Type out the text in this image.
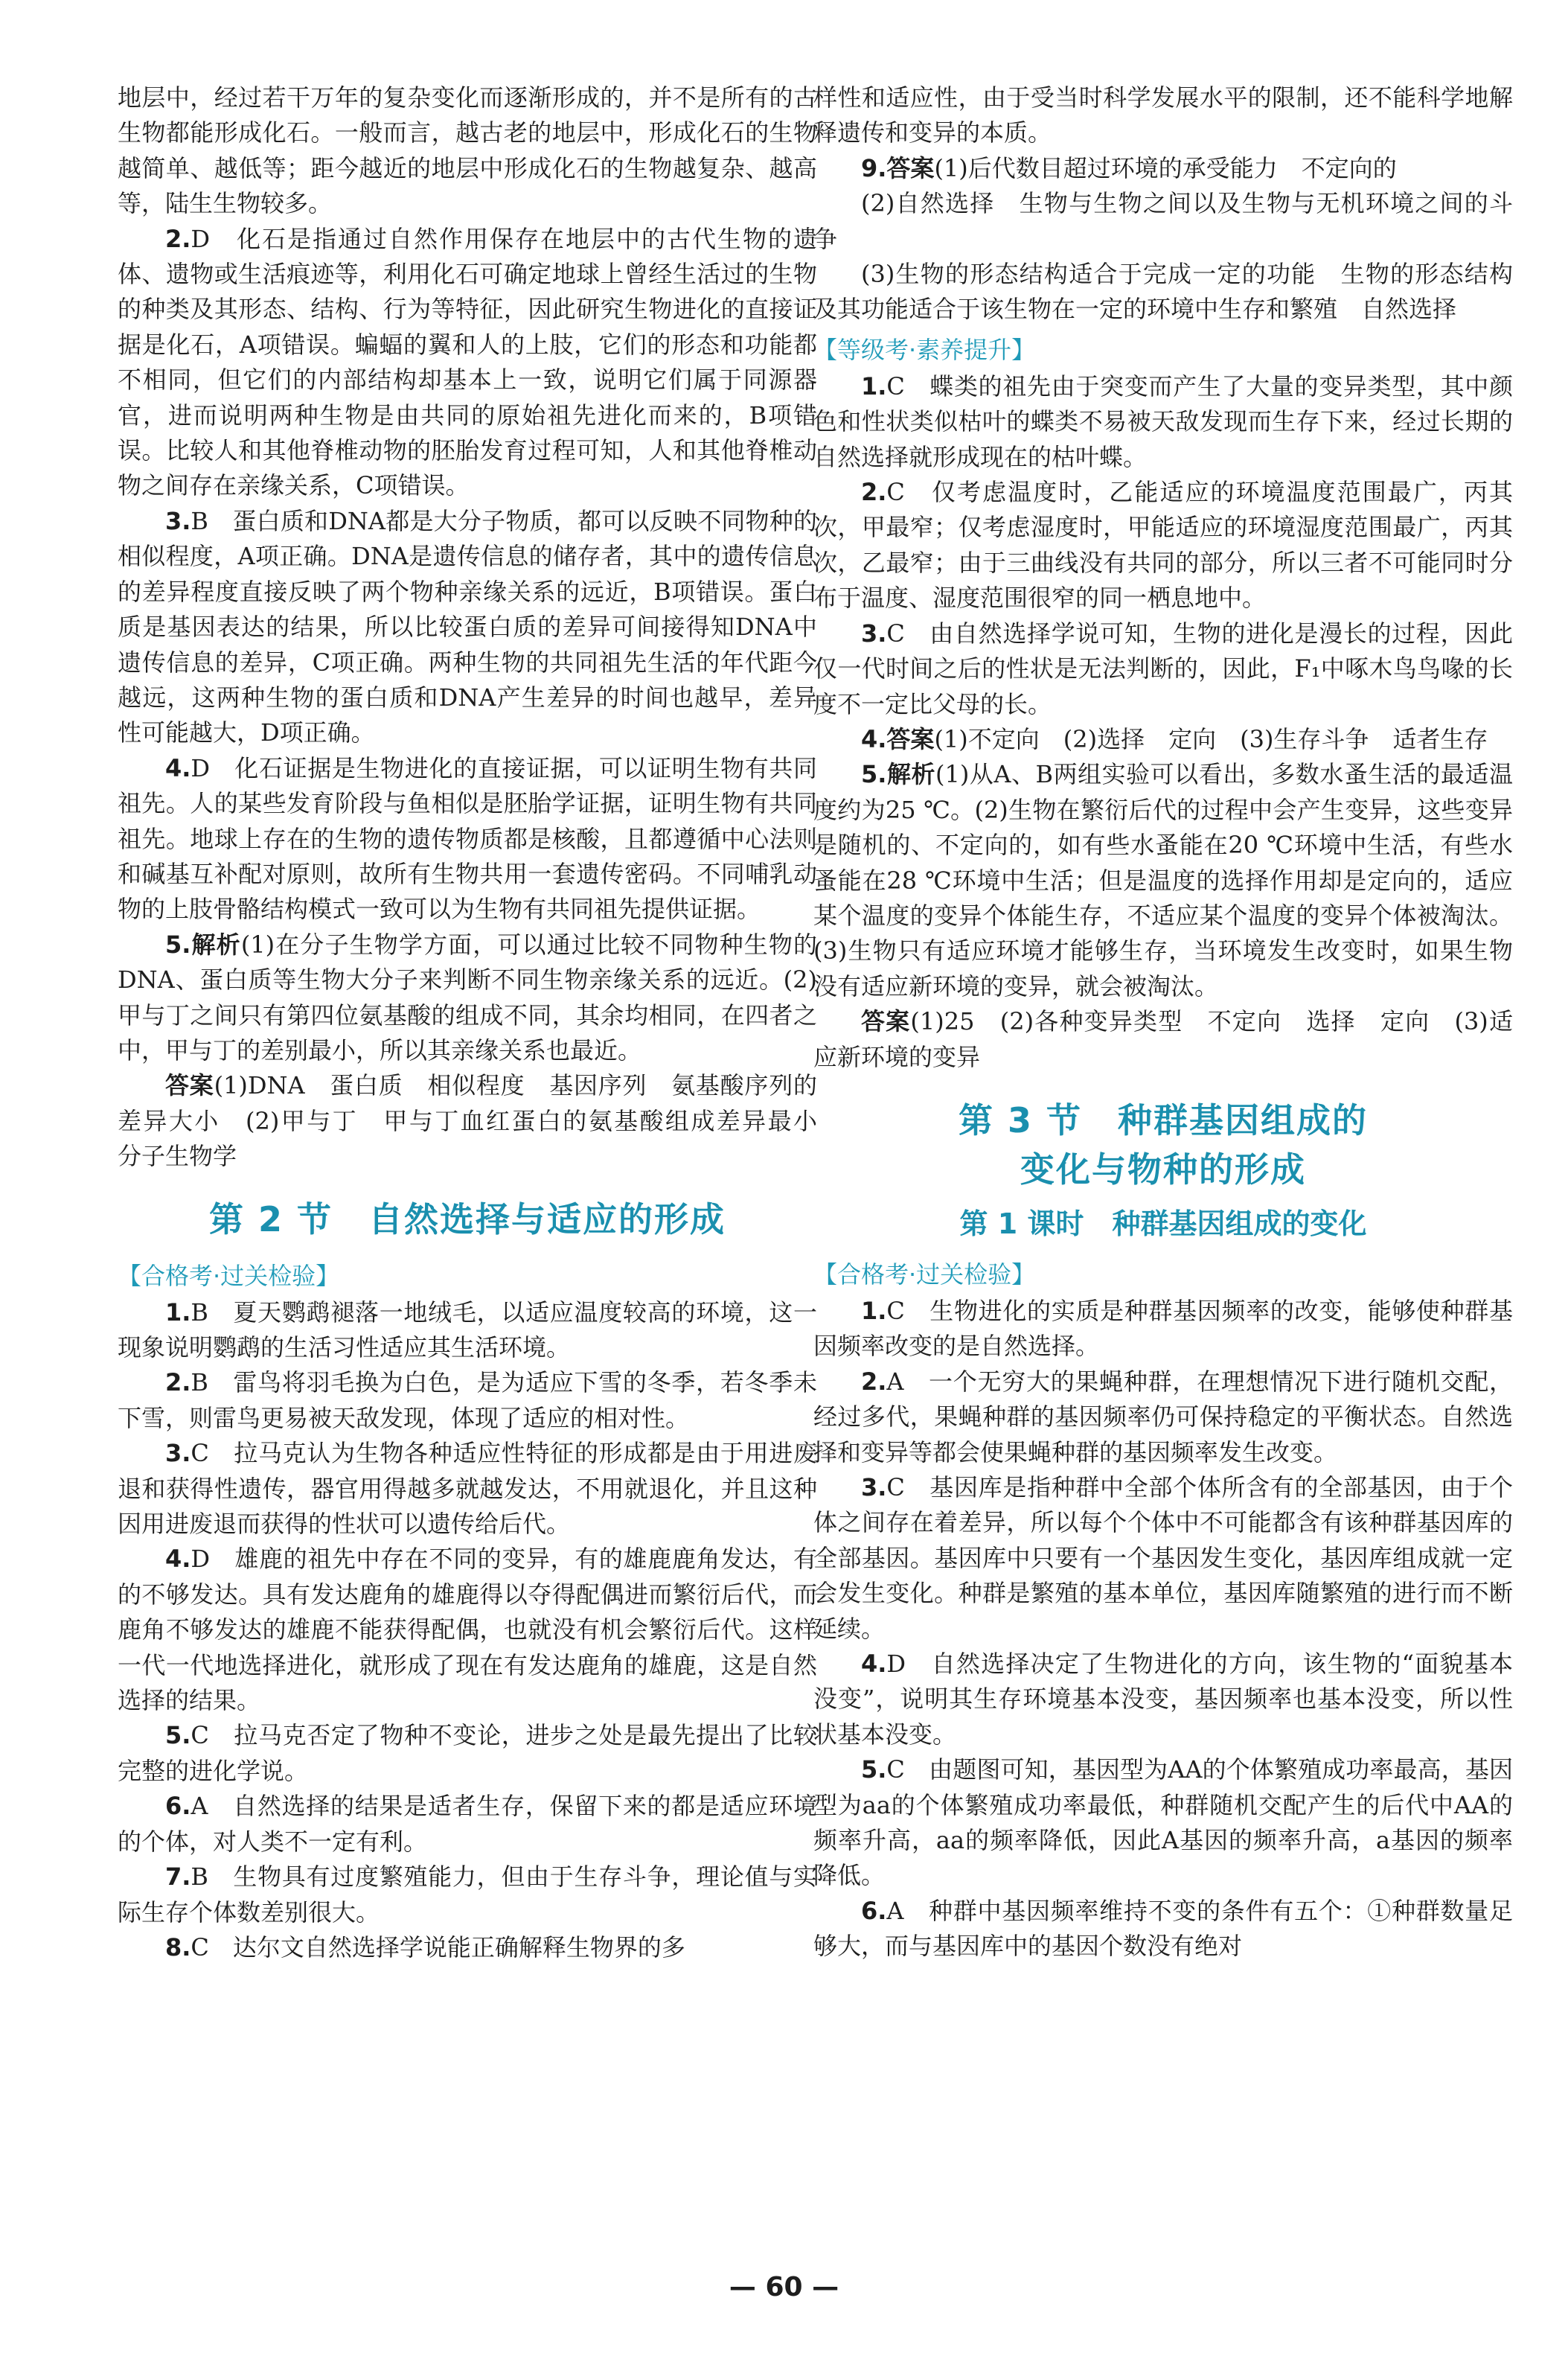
地层中，经过若干万年的复杂变化而逐渐形成的，并不是所有的古生物都能形成化石。一般而言，越古老的地层中，形成化石的生物越简单、越低等；距今越近的地层中形成化石的生物越复杂、越高等，陆生生物较多。

2.D　化石是指通过自然作用保存在地层中的古代生物的遗体、遗物或生活痕迹等，利用化石可确定地球上曾经生活过的生物的种类及其形态、结构、行为等特征，因此研究生物进化的直接证据是化石，A项错误。蝙蝠的翼和人的上肢，它们的形态和功能都不相同，但它们的内部结构却基本上一致，说明它们属于同源器官，进而说明两种生物是由共同的原始祖先进化而来的，B项错误。比较人和其他脊椎动物的胚胎发育过程可知，人和其他脊椎动物之间存在亲缘关系，C项错误。

3.B　蛋白质和DNA都是大分子物质，都可以反映不同物种的相似程度，A项正确。DNA是遗传信息的储存者，其中的遗传信息的差异程度直接反映了两个物种亲缘关系的远近，B项错误。蛋白质是基因表达的结果，所以比较蛋白质的差异可间接得知DNA中遗传信息的差异，C项正确。两种生物的共同祖先生活的年代距今越远，这两种生物的蛋白质和DNA产生差异的时间也越早，差异性可能越大，D项正确。

4.D　化石证据是生物进化的直接证据，可以证明生物有共同祖先。人的某些发育阶段与鱼相似是胚胎学证据，证明生物有共同祖先。地球上存在的生物的遗传物质都是核酸，且都遵循中心法则和碱基互补配对原则，故所有生物共用一套遗传密码。不同哺乳动物的上肢骨骼结构模式一致可以为生物有共同祖先提供证据。

5.解析(1)在分子生物学方面，可以通过比较不同物种生物的DNA、蛋白质等生物大分子来判断不同生物亲缘关系的远近。(2)甲与丁之间只有第四位氨基酸的组成不同，其余均相同，在四者之中，甲与丁的差别最小，所以其亲缘关系也最近。

答案(1)DNA　蛋白质　相似程度　基因序列　氨基酸序列的差异大小　(2)甲与丁　甲与丁血红蛋白的氨基酸组成差异最小　分子生物学

第 2 节　自然选择与适应的形成
【合格考·过关检验】

1.B　夏天鹦鹉褪落一地绒毛，以适应温度较高的环境，这一现象说明鹦鹉的生活习性适应其生活环境。

2.B　雷鸟将羽毛换为白色，是为适应下雪的冬季，若冬季未下雪，则雷鸟更易被天敌发现，体现了适应的相对性。

3.C　拉马克认为生物各种适应性特征的形成都是由于用进废退和获得性遗传，器官用得越多就越发达，不用就退化，并且这种因用进废退而获得的性状可以遗传给后代。

4.D　雄鹿的祖先中存在不同的变异，有的雄鹿鹿角发达，有的不够发达。具有发达鹿角的雄鹿得以夺得配偶进而繁衍后代，而鹿角不够发达的雄鹿不能获得配偶，也就没有机会繁衍后代。这样一代一代地选择进化，就形成了现在有发达鹿角的雄鹿，这是自然选择的结果。

5.C　拉马克否定了物种不变论，进步之处是最先提出了比较完整的进化学说。

6.A　自然选择的结果是适者生存，保留下来的都是适应环境的个体，对人类不一定有利。

7.B　生物具有过度繁殖能力，但由于生存斗争，理论值与实际生存个体数差别很大。

8.C　达尔文自然选择学说能正确解释生物界的多

样性和适应性，由于受当时科学发展水平的限制，还不能科学地解释遗传和变异的本质。

9.答案(1)后代数目超过环境的承受能力　不定向的

(2)自然选择　生物与生物之间以及生物与无机环境之间的斗争

(3)生物的形态结构适合于完成一定的功能　生物的形态结构及其功能适合于该生物在一定的环境中生存和繁殖　自然选择

【等级考·素养提升】

1.C　蝶类的祖先由于突变而产生了大量的变异类型，其中颜色和性状类似枯叶的蝶类不易被天敌发现而生存下来，经过长期的自然选择就形成现在的枯叶蝶。

2.C　仅考虑温度时，乙能适应的环境温度范围最广，丙其次，甲最窄；仅考虑湿度时，甲能适应的环境湿度范围最广，丙其次，乙最窄；由于三曲线没有共同的部分，所以三者不可能同时分布于温度、湿度范围很窄的同一栖息地中。

3.C　由自然选择学说可知，生物的进化是漫长的过程，因此仅一代时间之后的性状是无法判断的，因此，F₁中啄木鸟鸟喙的长度不一定比父母的长。

4.答案(1)不定向　(2)选择　定向　(3)生存斗争　适者生存

5.解析(1)从A、B两组实验可以看出，多数水蚤生活的最适温度约为25 ℃。(2)生物在繁衍后代的过程中会产生变异，这些变异是随机的、不定向的，如有些水蚤能在20 ℃环境中生活，有些水蚤能在28 ℃环境中生活；但是温度的选择作用却是定向的，适应某个温度的变异个体能生存，不适应某个温度的变异个体被淘汰。(3)生物只有适应环境才能够生存，当环境发生改变时，如果生物没有适应新环境的变异，就会被淘汰。

答案(1)25　(2)各种变异类型　不定向　选择　定向　(3)适应新环境的变异

第 3 节　种群基因组成的
变化与物种的形成
第 1 课时　种群基因组成的变化
【合格考·过关检验】

1.C　生物进化的实质是种群基因频率的改变，能够使种群基因频率改变的是自然选择。

2.A　一个无穷大的果蝇种群，在理想情况下进行随机交配，经过多代，果蝇种群的基因频率仍可保持稳定的平衡状态。自然选择和变异等都会使果蝇种群的基因频率发生改变。

3.C　基因库是指种群中全部个体所含有的全部基因，由于个体之间存在着差异，所以每个个体中不可能都含有该种群基因库的全部基因。基因库中只要有一个基因发生变化，基因库组成就一定会发生变化。种群是繁殖的基本单位，基因库随繁殖的进行而不断延续。

4.D　自然选择决定了生物进化的方向，该生物的“面貌基本没变”，说明其生存环境基本没变，基因频率也基本没变，所以性状基本没变。

5.C　由题图可知，基因型为AA的个体繁殖成功率最高，基因型为aa的个体繁殖成功率最低，种群随机交配产生的后代中AA的频率升高，aa的频率降低，因此A基因的频率升高，a基因的频率降低。

6.A　种群中基因频率维持不变的条件有五个：①种群数量足够大，而与基因库中的基因个数没有绝对

— 60 —
